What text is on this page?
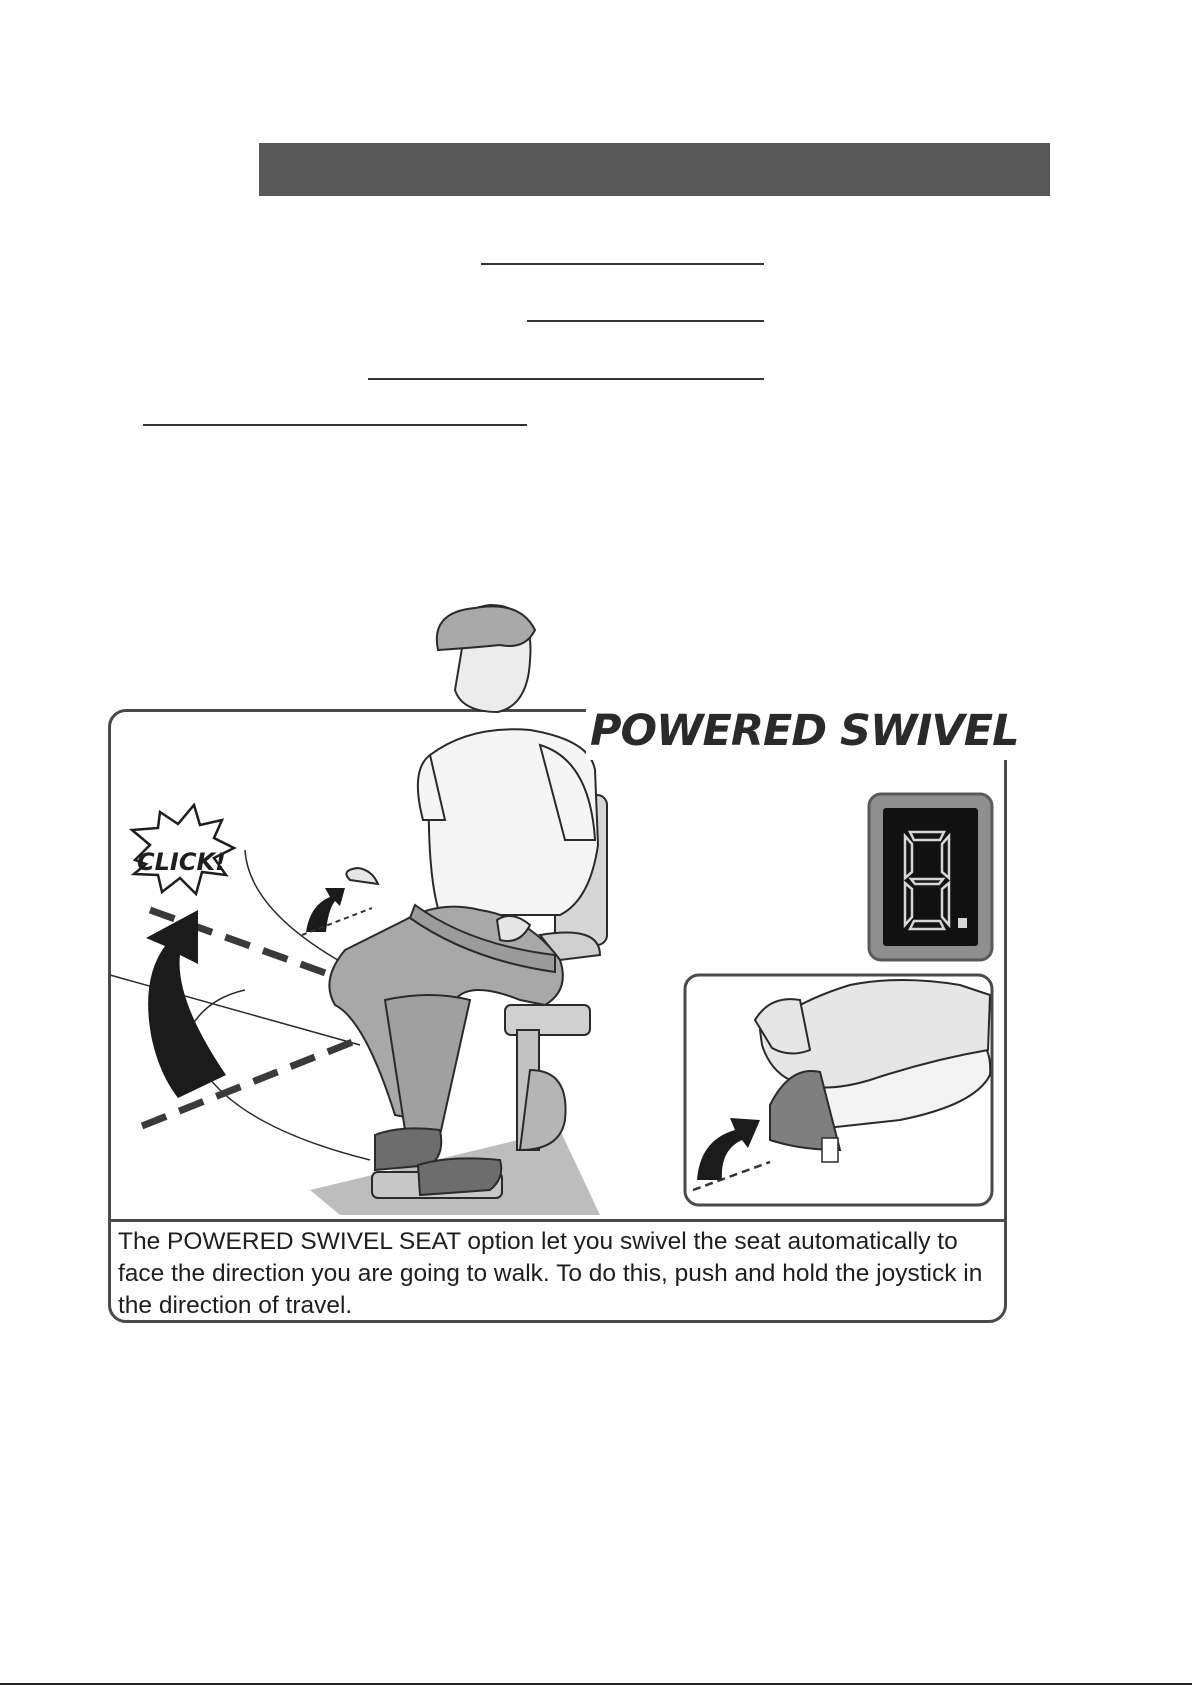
CLICK!
POWERED SWIVEL
The POWERED SWIVEL SEAT option let you swivel the seat automatically to face the direction you are going to walk. To do this, push and hold the joystick in the direction of travel.
